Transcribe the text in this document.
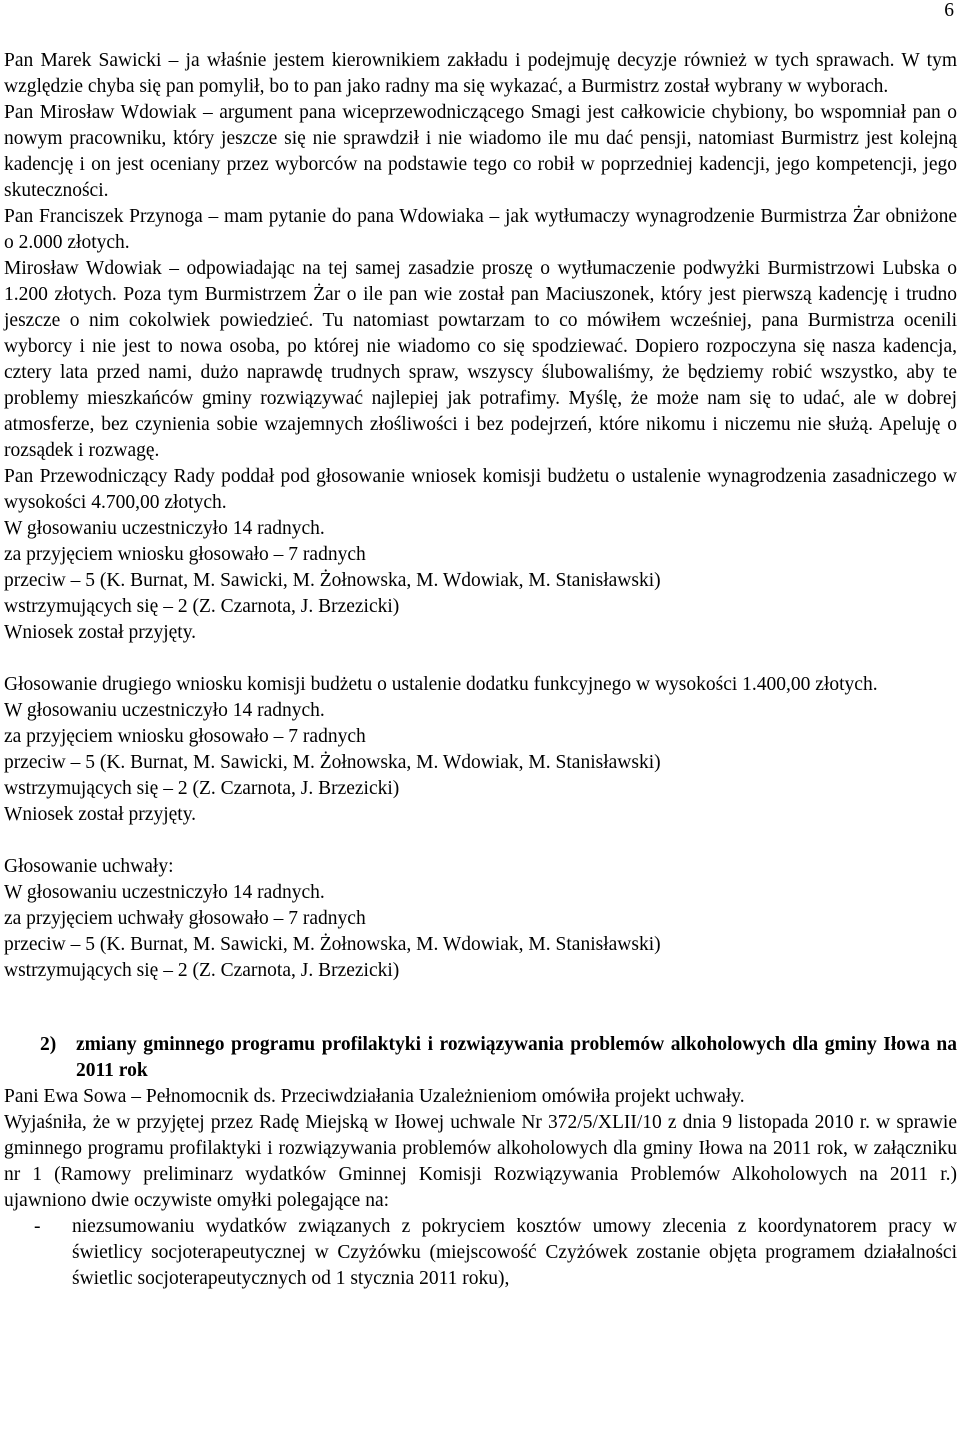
6

Pan Marek Sawicki – ja właśnie jestem kierownikiem zakładu i podejmuję decyzje również w tych sprawach. W tym względzie chyba się pan pomylił, bo to pan jako radny ma się wykazać, a Burmistrz został wybrany w wyborach.

Pan Mirosław Wdowiak – argument pana wiceprzewodniczącego Smagi jest całkowicie chybiony, bo wspomniał pan o nowym pracowniku, który jeszcze się nie sprawdził i nie wiadomo ile mu dać pensji, natomiast Burmistrz jest kolejną kadencję i on jest oceniany przez wyborców na podstawie tego co robił w poprzedniej kadencji, jego kompetencji, jego skuteczności.

Pan Franciszek Przynoga – mam pytanie do pana Wdowiaka – jak wytłumaczy wynagrodzenie Burmistrza Żar obniżone o 2.000 złotych.

Mirosław Wdowiak – odpowiadając na tej samej zasadzie proszę o wytłumaczenie podwyżki Burmistrzowi Lubska o 1.200 złotych. Poza tym Burmistrzem Żar o ile pan wie został pan Maciuszonek, który jest pierwszą kadencję i trudno jeszcze o nim cokolwiek powiedzieć. Tu natomiast powtarzam to co mówiłem wcześniej, pana Burmistrza ocenili wyborcy i nie jest to nowa osoba, po której nie wiadomo co się spodziewać. Dopiero rozpoczyna się nasza kadencja, cztery lata przed nami, dużo naprawdę trudnych spraw, wszyscy ślubowaliśmy, że będziemy robić wszystko, aby te problemy mieszkańców gminy rozwiązywać najlepiej jak potrafimy. Myślę, że może nam się to udać, ale w dobrej atmosferze, bez czynienia sobie wzajemnych złośliwości i bez podejrzeń, które nikomu i niczemu nie służą. Apeluję o rozsądek i rozwagę.

Pan Przewodniczący Rady poddał pod głosowanie wniosek komisji budżetu o ustalenie wynagrodzenia zasadniczego w wysokości 4.700,00 złotych.

W głosowaniu uczestniczyło 14 radnych.

za przyjęciem wniosku głosowało – 7 radnych

przeciw – 5 (K. Burnat, M. Sawicki, M. Żołnowska, M. Wdowiak, M. Stanisławski)

wstrzymujących się – 2 (Z. Czarnota, J. Brzezicki)

Wniosek został przyjęty.

Głosowanie drugiego wniosku komisji budżetu o ustalenie dodatku funkcyjnego w wysokości 1.400,00 złotych.

W głosowaniu uczestniczyło 14 radnych.

za przyjęciem wniosku głosowało – 7 radnych

przeciw – 5 (K. Burnat, M. Sawicki, M. Żołnowska, M. Wdowiak, M. Stanisławski)

wstrzymujących się – 2 (Z. Czarnota, J. Brzezicki)

Wniosek został przyjęty.

Głosowanie uchwały:

W głosowaniu uczestniczyło 14 radnych.

za przyjęciem uchwały głosowało – 7 radnych

przeciw – 5 (K. Burnat, M. Sawicki, M. Żołnowska, M. Wdowiak, M. Stanisławski)

wstrzymujących się – 2 (Z. Czarnota, J. Brzezicki)

2)	zmiany gminnego programu profilaktyki i rozwiązywania problemów alkoholowych dla gminy Iłowa na 2011 rok

Pani Ewa Sowa – Pełnomocnik ds. Przeciwdziałania Uzależnieniom omówiła projekt uchwały.

Wyjaśniła, że w przyjętej przez Radę Miejską w Iłowej uchwale Nr 372/5/XLII/10 z dnia 9 listopada 2010 r. w sprawie gminnego programu profilaktyki i rozwiązywania problemów alkoholowych dla gminy Iłowa na 2011 rok, w załączniku nr 1 (Ramowy preliminarz wydatków Gminnej Komisji Rozwiązywania Problemów Alkoholowych na 2011 r.) ujawniono dwie oczywiste omyłki polegające na:

-	niezsumowaniu wydatków związanych z pokryciem kosztów umowy zlecenia z koordynatorem pracy w świetlicy socjoterapeutycznej w Czyżówku (miejscowość Czyżówek zostanie objęta programem działalności świetlic socjoterapeutycznych od 1 stycznia 2011 roku),
